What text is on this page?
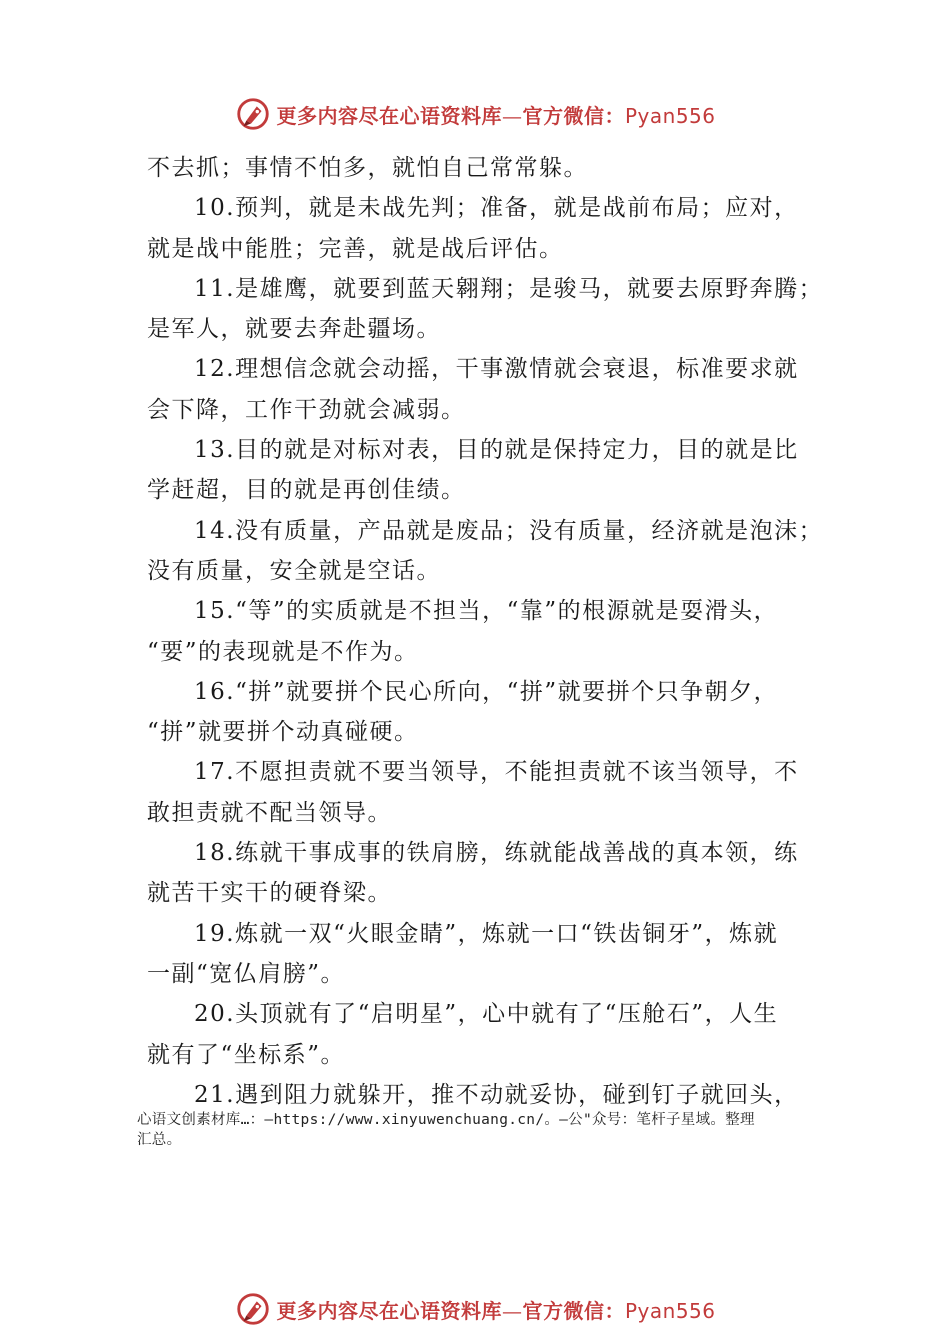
更多内容尽在心语资料库—官方微信：Pyan556
不去抓；事情不怕多，就怕自己常常躲。
10.预判，就是未战先判；准备，就是战前布局；应对，
就是战中能胜；完善，就是战后评估。
11.是雄鹰，就要到蓝天翱翔；是骏马，就要去原野奔腾；
是军人，就要去奔赴疆场。
12.理想信念就会动摇，干事激情就会衰退，标准要求就
会下降，工作干劲就会减弱。
13.目的就是对标对表，目的就是保持定力，目的就是比
学赶超，目的就是再创佳绩。
14.没有质量，产品就是废品；没有质量，经济就是泡沫；
没有质量，安全就是空话。
15.“等”的实质就是不担当，“靠”的根源就是耍滑头，
“要”的表现就是不作为。
16.“拼”就要拼个民心所向，“拼”就要拼个只争朝夕，
“拼”就要拼个动真碰硬。
17.不愿担责就不要当领导，不能担责就不该当领导，不
敢担责就不配当领导。
18.练就干事成事的铁肩膀，练就能战善战的真本领，练
就苦干实干的硬脊梁。
19.炼就一双“火眼金睛”，炼就一口“铁齿铜牙”，炼就
一副“宽仏肩膀”。
20.头顶就有了“启明星”，心中就有了“压舱石”，人生
就有了“坐标系”。
21.遇到阻力就躲开，推不动就妥协，碰到钉子就回头，
心语文创素材库…：—https://www.xinyuwenchuang.cn/。—公"众号：笔杆子星域。整理
汇总。
更多内容尽在心语资料库—官方微信：Pyan556
